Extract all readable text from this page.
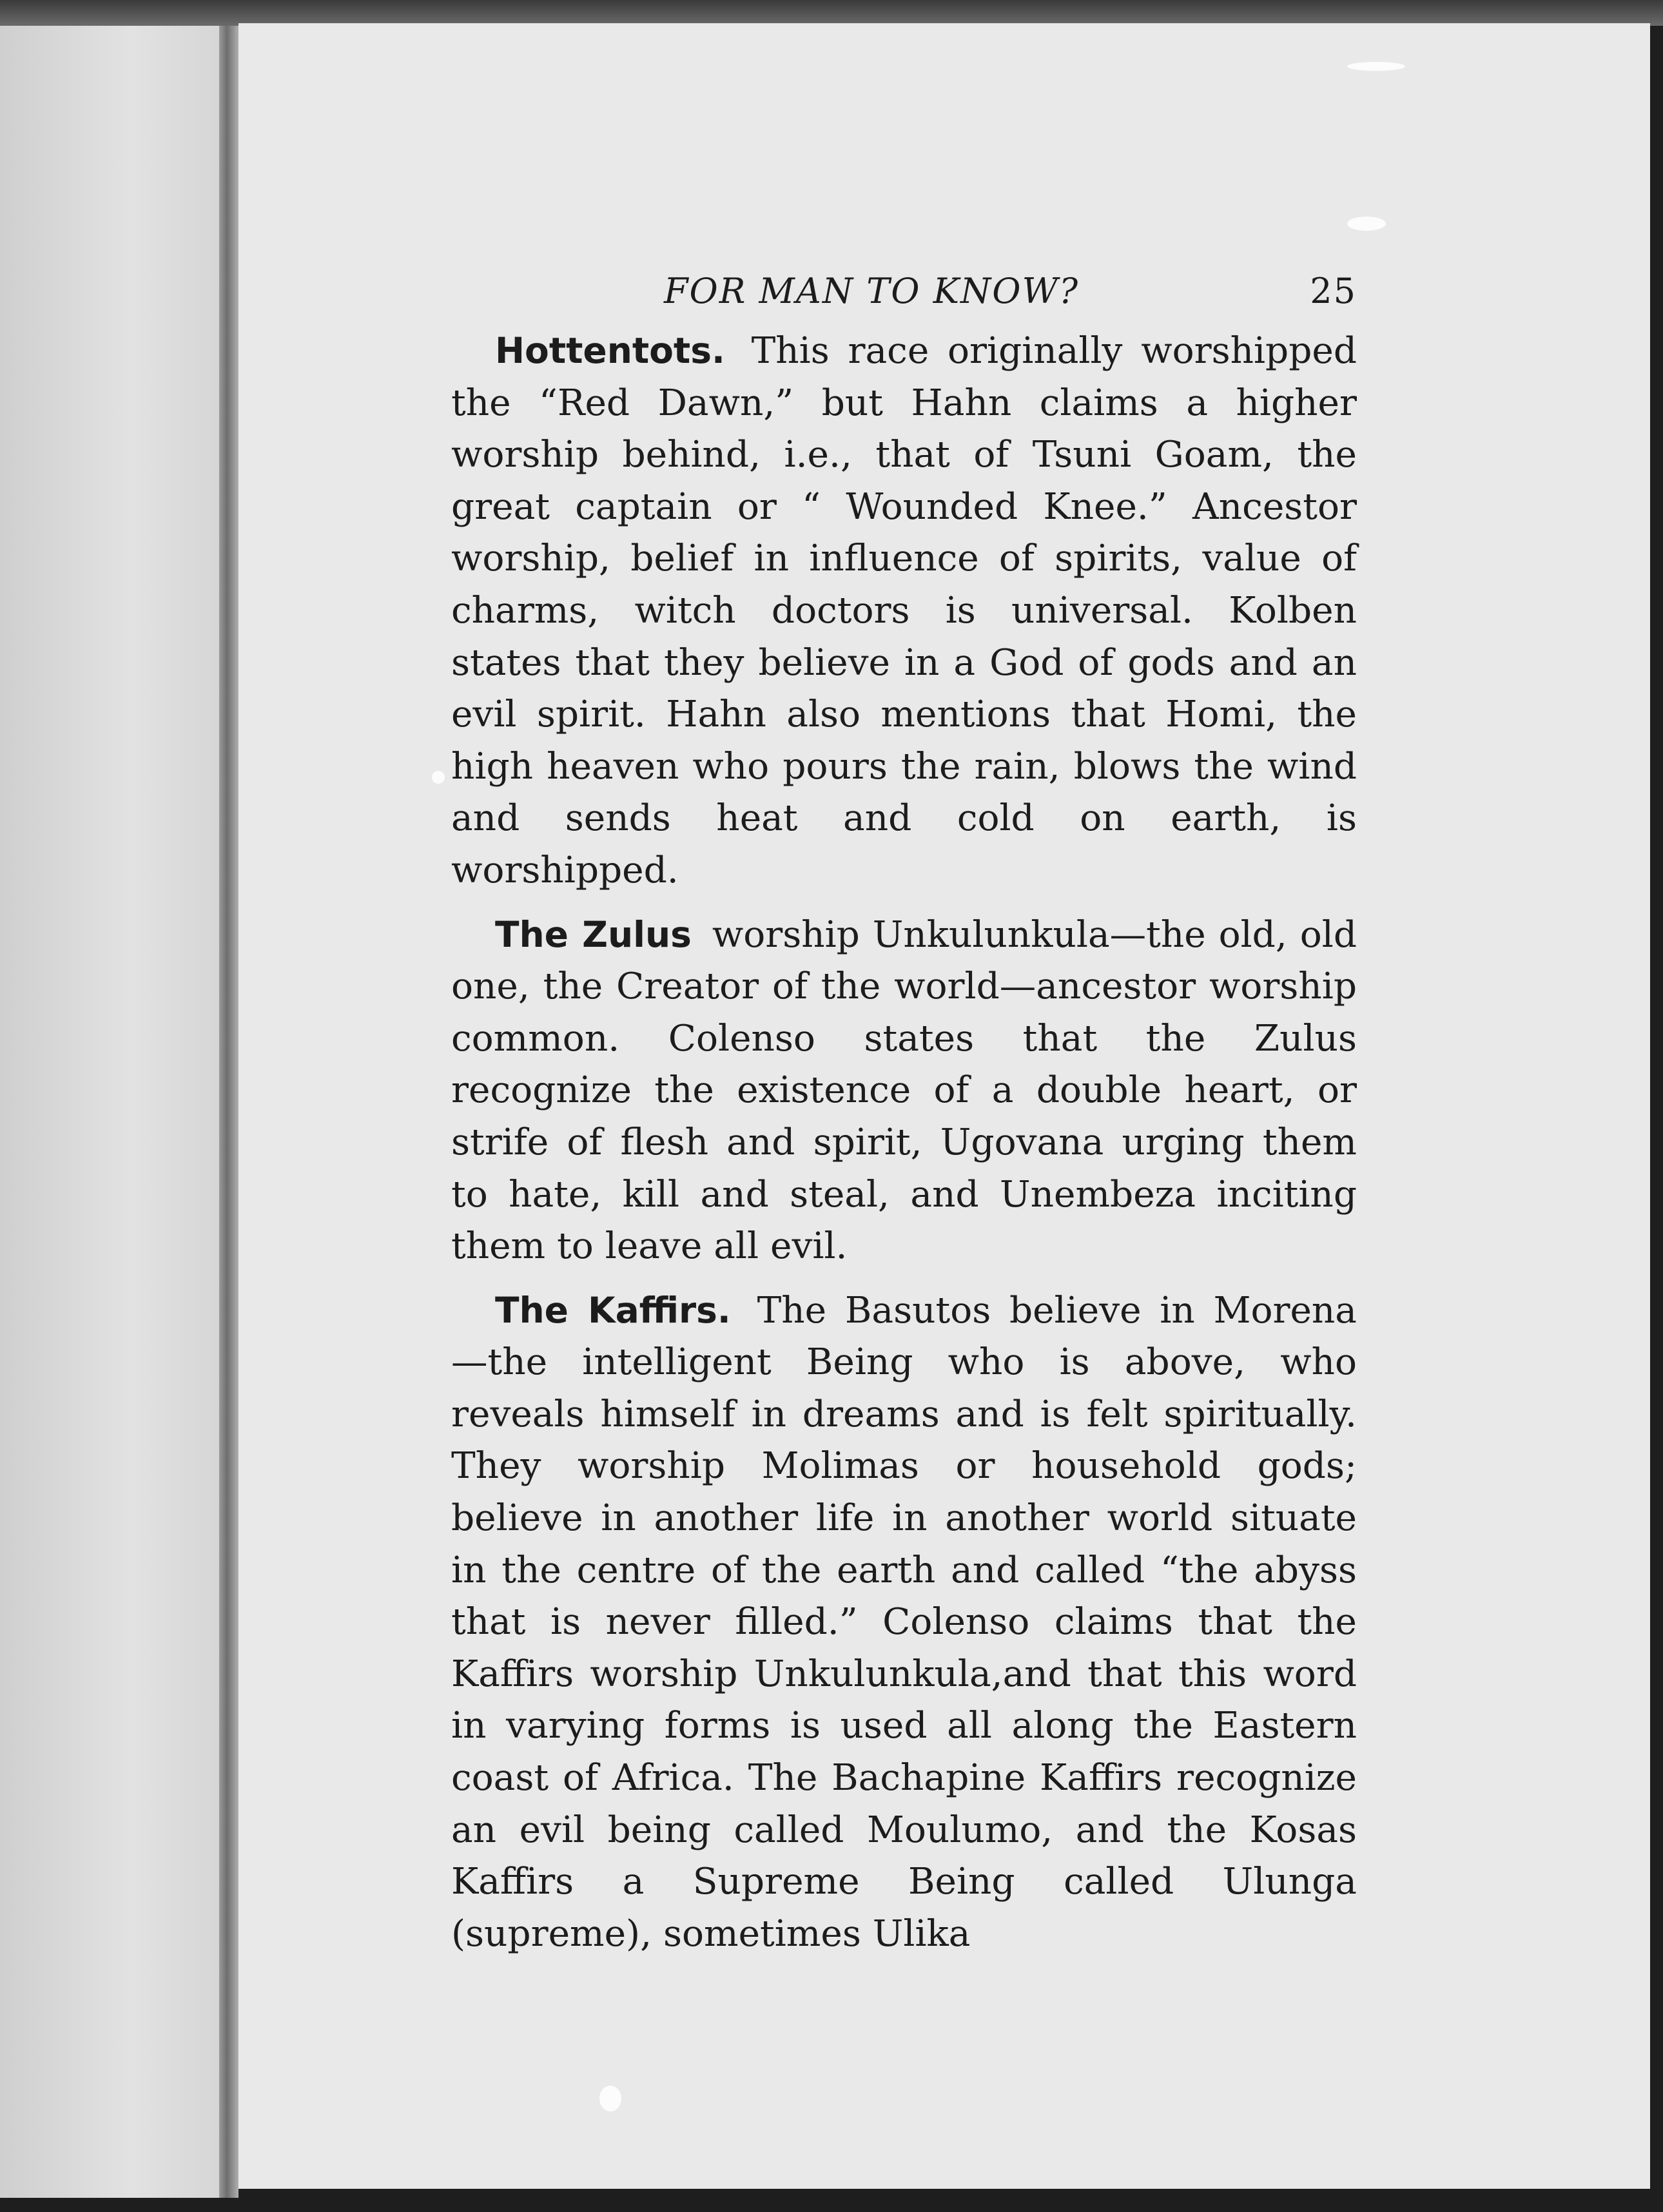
FOR MAN TO KNOW?	25

Hottentots. This race originally worshipped the “Red Dawn,” but Hahn claims a higher worship behind, i.e., that of Tsuni Goam, the great captain or “ Wounded Knee.” Ancestor worship, belief in influence of spirits, value of charms, witch doctors is universal. Kolben states that they believe in a God of gods and an evil spirit. Hahn also mentions that Homi, the high heaven who pours the rain, blows the wind and sends heat and cold on earth, is worshipped.

The Zulus worship Unkulunkula—the old, old one, the Creator of the world—ancestor worship common. Colenso states that the Zulus recognize the existence of a double heart, or strife of flesh and spirit, Ugovana urging them to hate, kill and steal, and Unembeza inciting them to leave all evil.

The Kaffirs. The Basutos believe in Morena —the intelligent Being who is above, who reveals himself in dreams and is felt spiritually. They worship Molimas or household gods; believe in another life in another world situate in the centre of the earth and called “the abyss that is never filled.” Colenso claims that the Kaffirs worship Unkulunkula,and that this word in varying forms is used all along the Eastern coast of Africa. The Bachapine Kaffirs recognize an evil being called Moulumo, and the Kosas Kaffirs a Supreme Being called Ulunga (supreme), sometimes Ulika
